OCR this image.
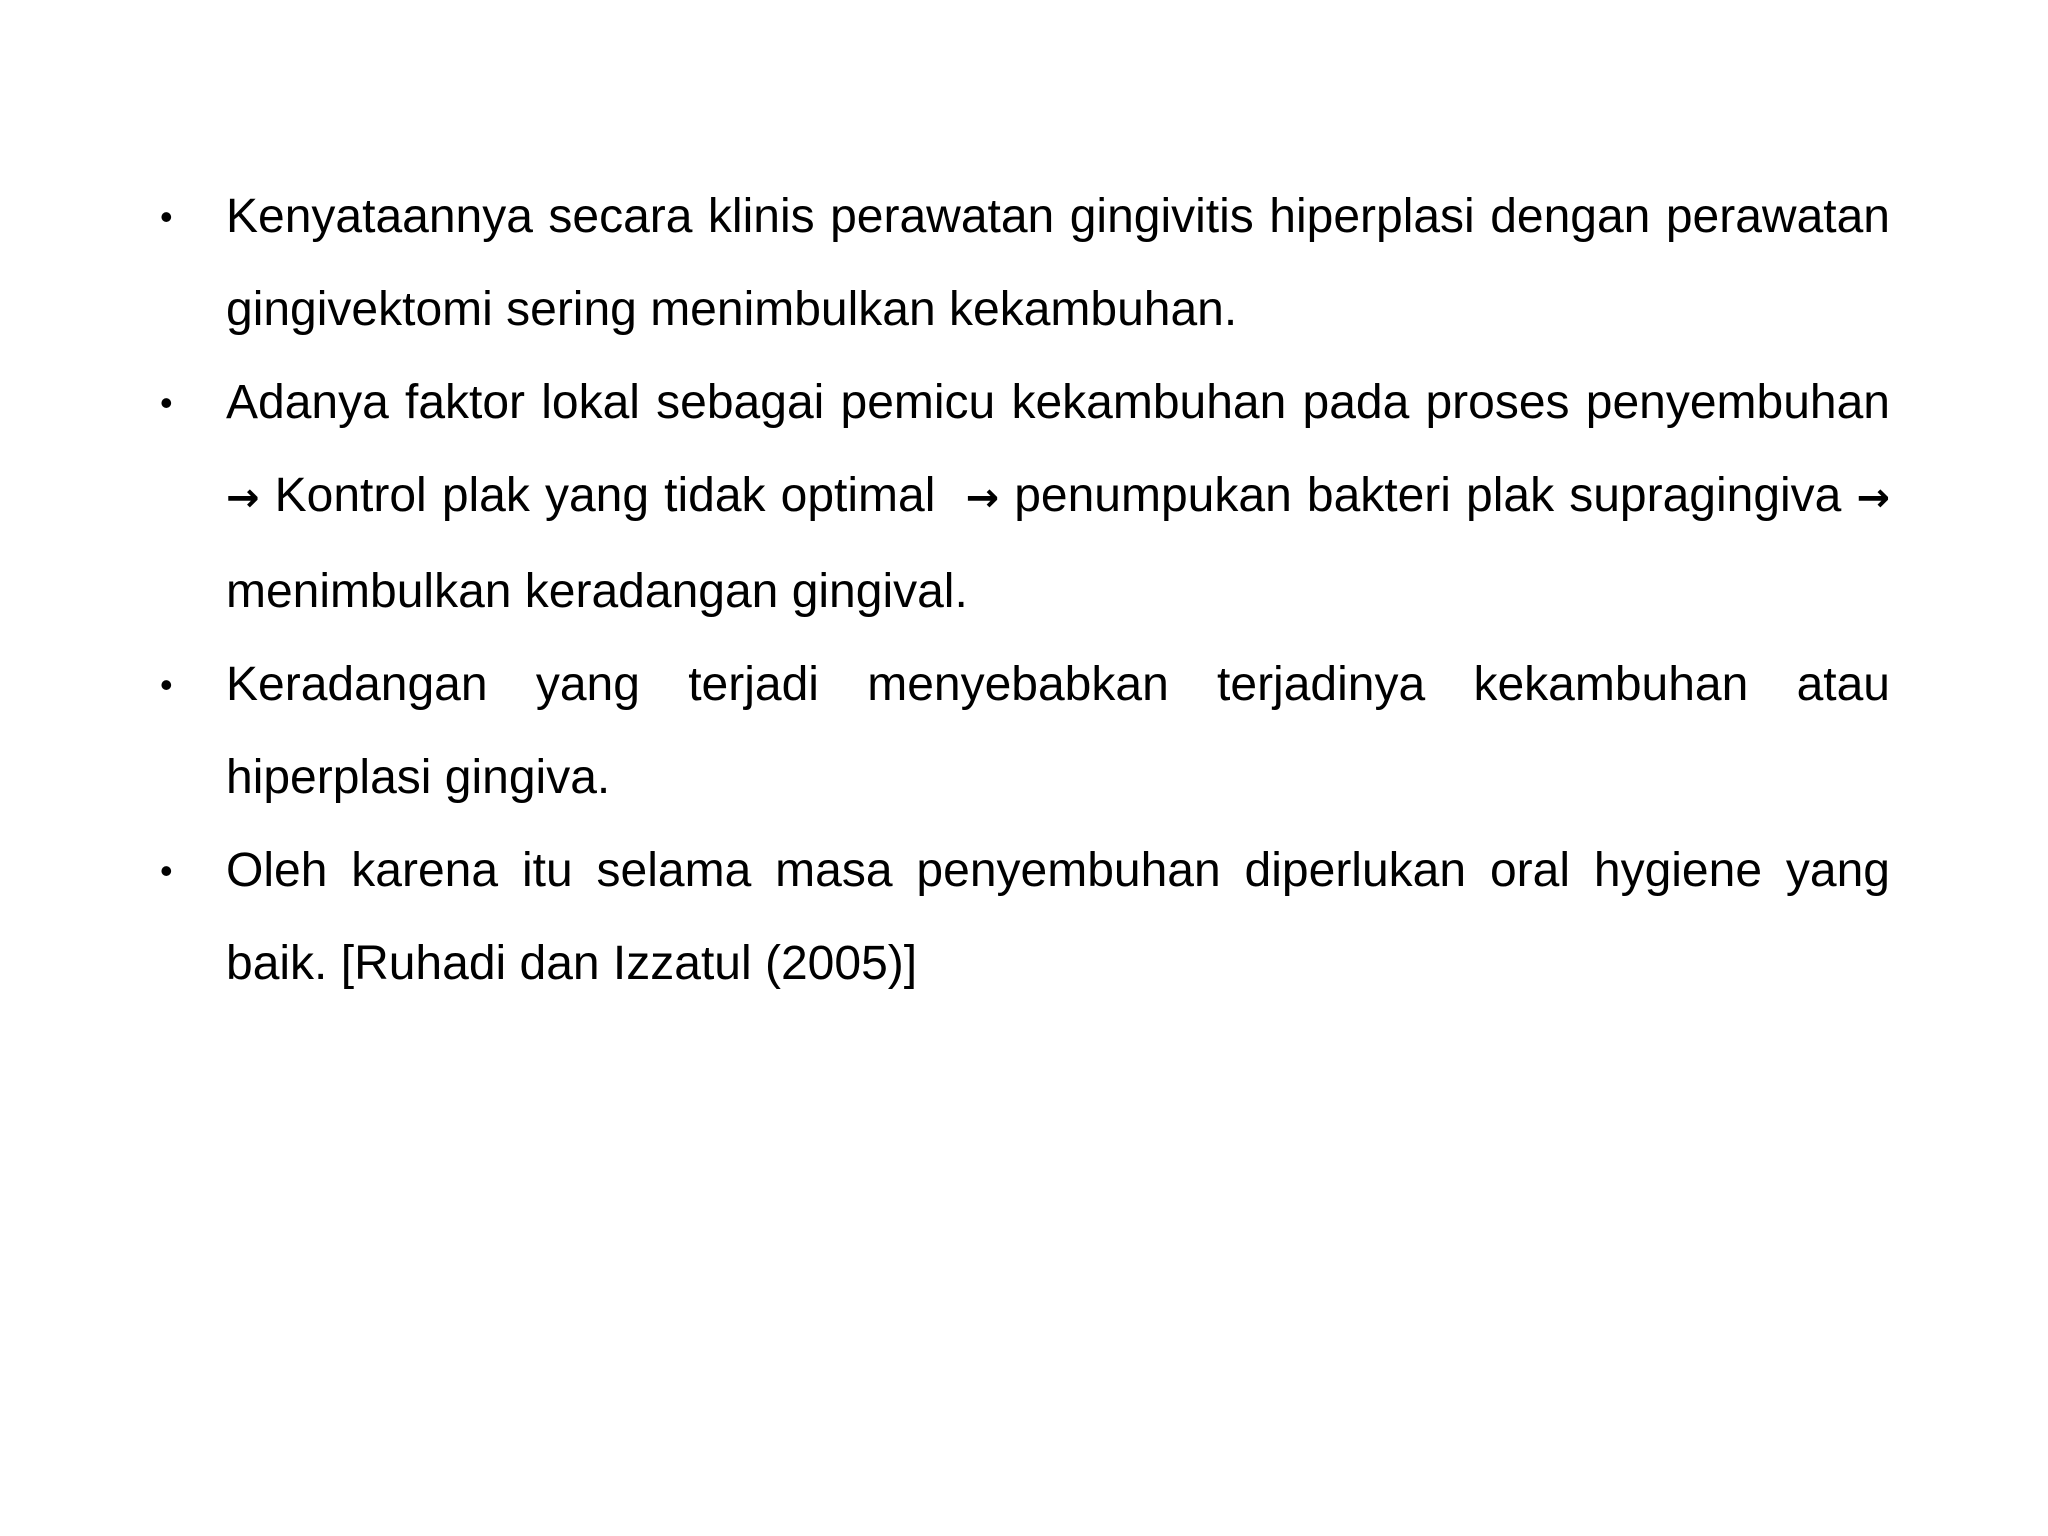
• Kenyataannya secara klinis perawatan gingivitis hiperplasi dengan perawatan gingivektomi sering menimbulkan kekambuhan.
• Adanya faktor lokal sebagai pemicu kekambuhan pada proses penyembuhan → Kontrol plak yang tidak optimal → penumpukan bakteri plak supragingiva → menimbulkan keradangan gingival.
• Keradangan yang terjadi menyebabkan terjadinya kekambuhan atau hiperplasi gingiva.
• Oleh karena itu selama masa penyembuhan diperlukan oral hygiene yang baik. [Ruhadi dan Izzatul (2005)]
